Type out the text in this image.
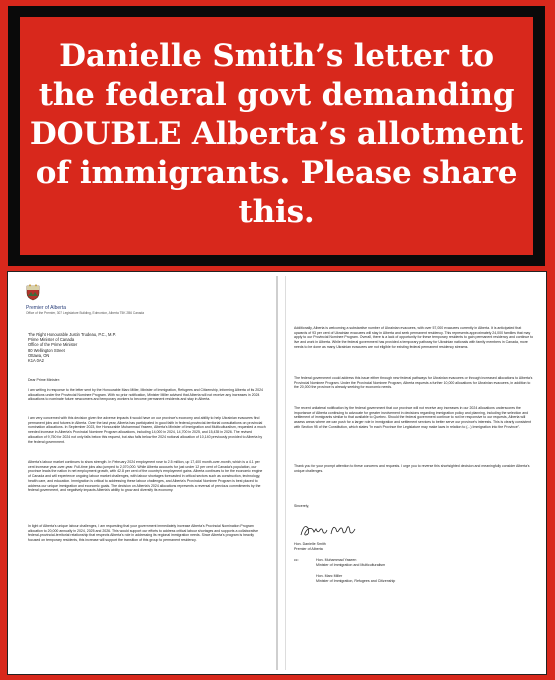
Danielle Smith’s letter to the federal govt demanding DOUBLE Alberta’s allotment of immigrants. Please share this.

Premier of Alberta
Office of the Premier, 307 Legislature Building, Edmonton, Alberta T5K 2B6 Canada
The Right Honourable Justin Trudeau, P.C., M.P.
Prime Minister of Canada
Office of the Prime Minister
80 Wellington Street
Ottawa, ON
K1A 0A2
Dear Prime Minister:
I am writing in response to the letter sent by the Honourable Marc Miller, Minister of Immigration, Refugees and Citizenship, informing Alberta of its 2024 allocations under the Provincial Nominee Program. With no prior notification, Minister Miller advised that Alberta will not receive any increases in 2024 allocations to nominate future newcomers and temporary workers to become permanent residents and stay in Alberta.
I am very concerned with this decision given the adverse impacts it would have on our province's economy and ability to help Ukrainian evacuees find permanent jobs and futures in Alberta. Over the last year, Alberta has participated in good faith in federal-provincial-territorial consultations on provincial nomination allocations. In September 2023, the Honourable Muhammad Yaseen, Alberta's Minister of Immigration and Multiculturalism, requested a much needed increase in Alberta's Provincial Nominee Program allocations, including 14,000 in 2024, 14,700 in 2025, and 15,435 in 2026. The revised allocation of 9,750 for 2024 not only falls below this request, but also falls below the 2024 notional allocation of 10,140 previously provided to Alberta by the federal government.
Alberta's labour market continues to show strength. In February 2024 employment rose to 2.5 million, up 17,400 month-over-month, which is a 4.1 per cent increase year-over-year. Full-time jobs also jumped to 2,070,000. While Alberta accounts for just under 12 per cent of Canada's population, our province leads the nation in net employment growth, with 42.8 per cent of the country's employment gains. Alberta continues to be the economic engine of Canada and will experience ongoing labour market challenges, with labour shortages forecasted in critical sectors such as construction, technology, health care, and education. Immigration is critical to addressing these labour challenges, and Alberta's Provincial Nominee Program is best placed to address our unique immigration and economic goals. The decision on Alberta's 2024 allocations represents a reversal of previous commitments by the federal government, and negatively impacts Alberta's ability to grow and diversify its economy.
In light of Alberta's unique labour challenges, I am requesting that your government immediately increase Alberta's Provincial Nomination Program allocation to 20,000 annually in 2024, 2025 and 2026. This would support our efforts to address critical labour shortages and supports a collaborative federal-provincial-territorial relationship that respects Alberta's role in addressing its regional immigration needs. Since Alberta's program is heavily focused on temporary residents, this increase will support the transition of this group to permanent residency.
Additionally, Alberta is welcoming a substantive number of Ukrainian evacuees, with over 57,000 evacuees currently in Alberta. It is anticipated that upwards of 93 per cent of Ukrainian evacuees will stay in Alberta and seek permanent residency. This represents approximately 24,000 families that may apply to our Provincial Nominee Program. Overall, there is a lack of opportunity for these temporary residents to gain permanent residency and continue to live and work in Alberta. While the federal government has provided a temporary pathway for Ukrainian nationals with family members in Canada, more needs to be done as many Ukrainian evacuees are not eligible for existing federal permanent residency streams.
The federal government could address this issue either through new federal pathways for Ukrainian evacuees or through increased allocations to Alberta's Provincial Nominee Program. Under the Provincial Nominee Program, Alberta requests a further 10,000 allocations for Ukrainian evacuees, in addition to the 20,000 the province is already seeking for economic needs.
The recent unilateral notification by the federal government that our province will not receive any increases in our 2024 allocations underscores the importance of Alberta continuing to advocate for greater involvement in decisions regarding immigration policy and planning, including the selection and settlement of immigrants similar to that available to Quebec. Should the federal government continue to not be responsive to our requests, Alberta will assess areas where we can push for a larger role in immigration and settlement services to better serve our province's interests. This is clearly consistent with Section 95 of the Constitution, which states "in each Province the Legislature may make laws in relation to (...) Immigration into the Province".
Thank you for your prompt attention to these concerns and requests. I urge you to reverse this shortsighted decision and meaningfully consider Alberta's unique challenges.
Sincerely,
Hon. Danielle Smith
Premier of Alberta
cc:	Hon. Muhammad Yaseen
Minister of Immigration and Multiculturalism
Hon. Marc Miller
Minister of Immigration, Refugees and Citizenship
